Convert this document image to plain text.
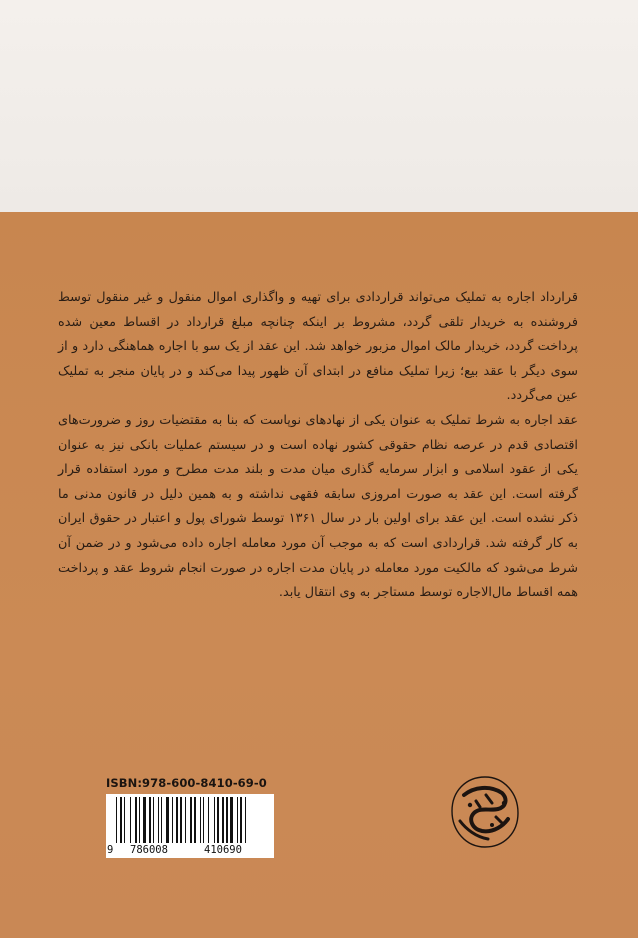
قرارداد اجاره به تملیک می‌تواند قراردادی برای تهیه و واگذاری اموال منقول و غیر منقول توسط فروشنده به خریدار تلقی گردد، مشروط بر اینکه چنانچه مبلغ قرارداد در اقساط معین شده پرداخت گردد، خریدار مالک اموال مزبور خواهد شد. این عقد از یک سو با اجاره هماهنگی دارد و از سوی دیگر با عقد بیع؛ زیرا تملیک منافع در ابتدای آن ظهور پیدا می‌کند و در پایان منجر به تملیک عین می‌گردد.

عقد اجاره به شرط تملیک به عنوان یکی از نهادهای نوپاست که بنا به مقتضیات روز و ضرورت‌های اقتصادی قدم در عرصه نظام حقوقی کشور نهاده است و در سیستم عملیات بانکی نیز به عنوان یکی از عقود اسلامی و ابزار سرمایه گذاری میان مدت و بلند مدت مطرح و مورد استفاده قرار گرفته است. این عقد به صورت امروزی سابقه فقهی نداشته و به همین دلیل در قانون مدنی ما ذکر نشده است. این عقد برای اولین بار در سال ۱۳۶۱ توسط شورای پول و اعتبار در حقوق ایران به کار گرفته شد. قراردادی است که به موجب آن مورد معامله اجاره داده می‌شود و در ضمن آن شرط می‌شود که مالکیت مورد معامله در پایان مدت اجاره در صورت انجام شروط عقد و پرداخت همه اقساط مال‌الاجاره توسط مستاجر به وی انتقال یابد.

ISBN:978-600-8410-69-0
9 786008	410690
